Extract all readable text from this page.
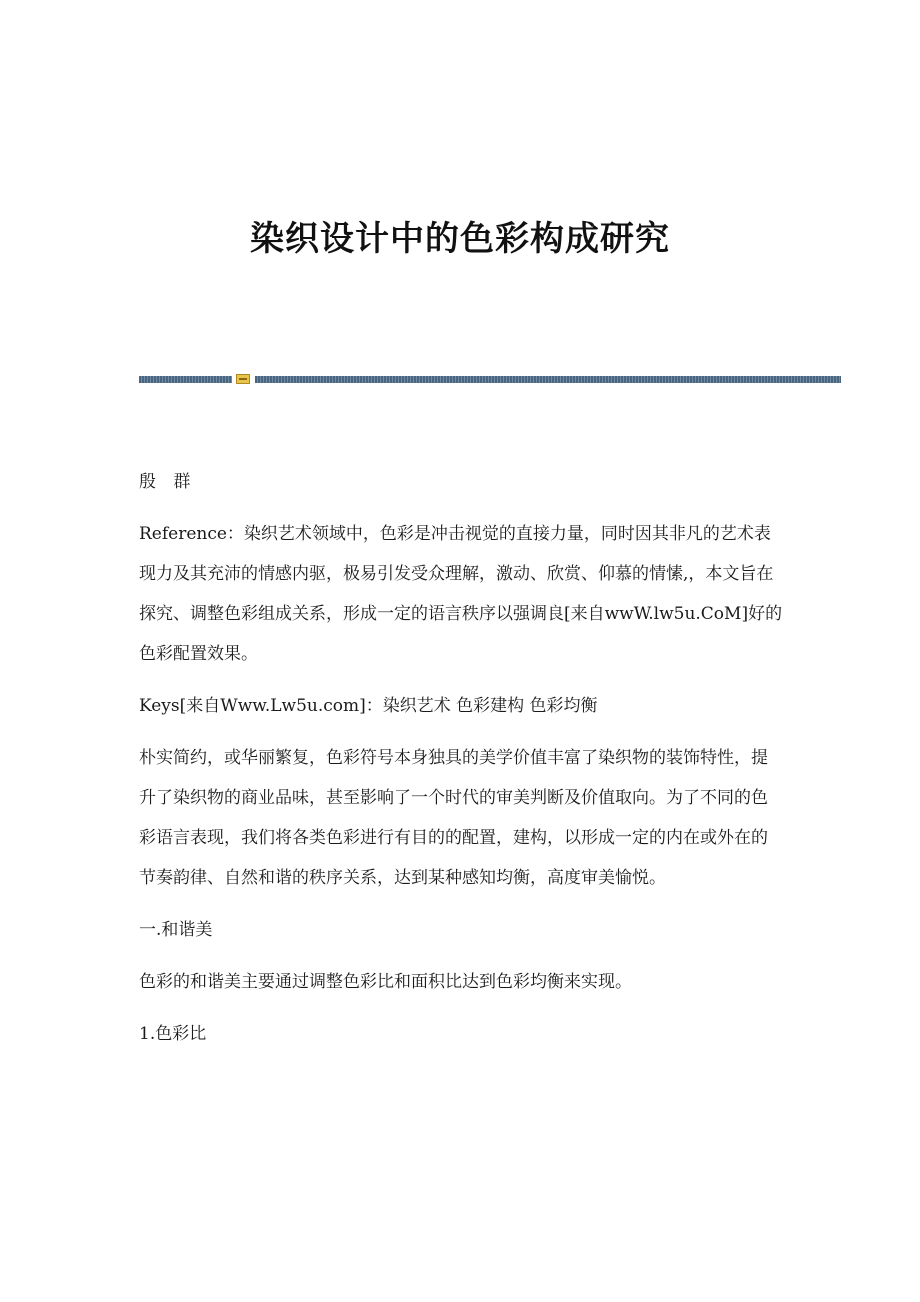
染织设计中的色彩构成研究

殷 群

Reference：染织艺术领域中，色彩是冲击视觉的直接力量，同时因其非凡的艺术表现力及其充沛的情感内驱，极易引发受众理解，激动、欣赏、仰慕的情愫,，本文旨在探究、调整色彩组成关系，形成一定的语言秩序以强调良[来自wwW.lw5u.CoM]好的色彩配置效果。

Keys[来自Www.Lw5u.com]：染织艺术 色彩建构 色彩均衡

朴实简约，或华丽繁复，色彩符号本身独具的美学价值丰富了染织物的装饰特性，提升了染织物的商业品味，甚至影响了一个时代的审美判断及价值取向。为了不同的色彩语言表现，我们将各类色彩进行有目的的配置，建构，以形成一定的内在或外在的节奏韵律、自然和谐的秩序关系，达到某种感知均衡，高度审美愉悦。

一.和谐美

色彩的和谐美主要通过调整色彩比和面积比达到色彩均衡来实现。

1.色彩比
